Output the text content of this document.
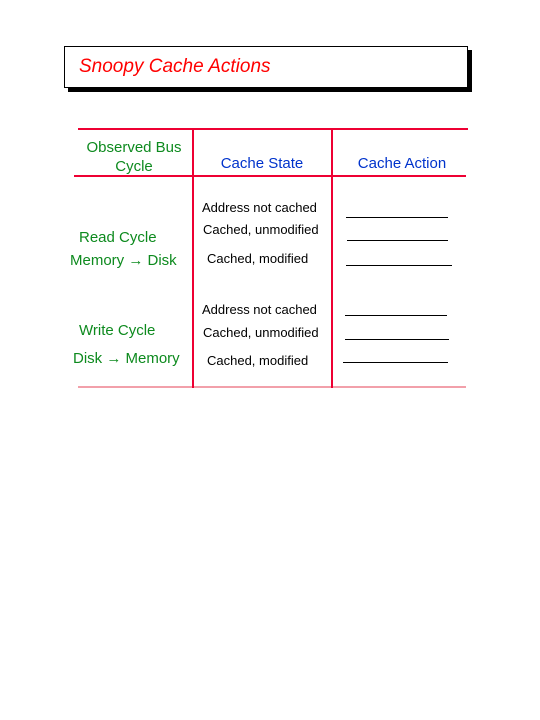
Snoopy Cache Actions
Observed Bus
Cycle	Cache State	Cache Action
Read Cycle
Memory → Disk
Address not cached
Cached, unmodified
Cached, modified
Write Cycle
Disk → Memory
Address not cached
Cached, unmodified
Cached, modified
